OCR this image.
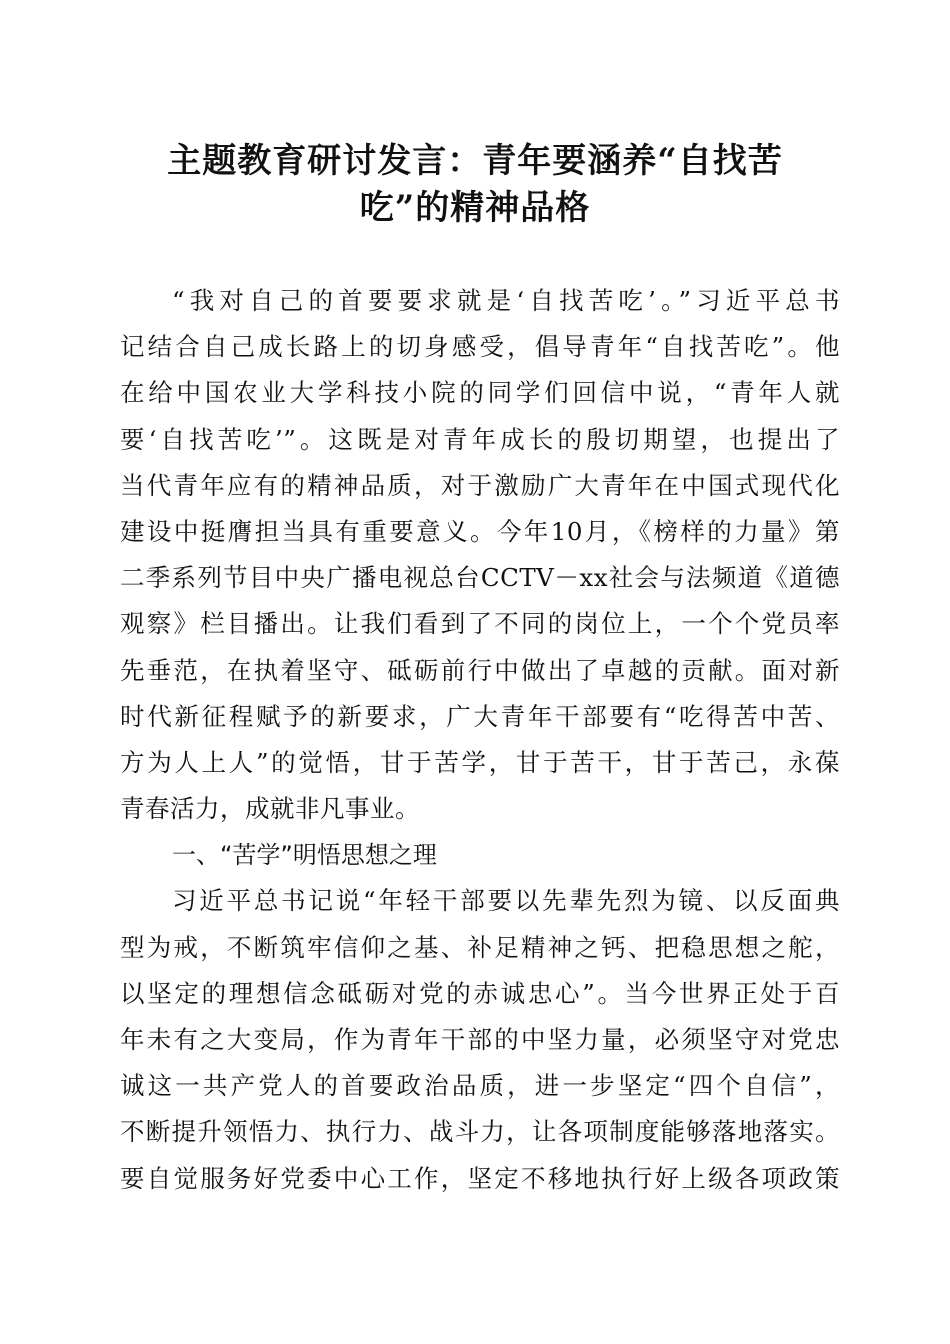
主题教育研讨发言：青年要涵养“自找苦
吃”的精神品格
“我对自己的首要要求就是‘自找苦吃’。”习近平总书
记结合自己成长路上的切身感受，倡导青年“自找苦吃”。他
在给中国农业大学科技小院的同学们回信中说，“青年人就
要‘自找苦吃’”。这既是对青年成长的殷切期望，也提出了
当代青年应有的精神品质，对于激励广大青年在中国式现代化
建设中挺膺担当具有重要意义。今年10月，《榜样的力量》第
二季系列节目中央广播电视总台CCTV－xx社会与法频道《道德
观察》栏目播出。让我们看到了不同的岗位上，一个个党员率
先垂范，在执着坚守、砥砺前行中做出了卓越的贡献。面对新
时代新征程赋予的新要求，广大青年干部要有“吃得苦中苦、
方为人上人”的觉悟，甘于苦学，甘于苦干，甘于苦己，永葆
青春活力，成就非凡事业。
一、“苦学”明悟思想之理
习近平总书记说“年轻干部要以先辈先烈为镜、以反面典
型为戒，不断筑牢信仰之基、补足精神之钙、把稳思想之舵，
以坚定的理想信念砥砺对党的赤诚忠心”。当今世界正处于百
年未有之大变局，作为青年干部的中坚力量，必须坚守对党忠
诚这一共产党人的首要政治品质，进一步坚定“四个自信”，
不断提升领悟力、执行力、战斗力，让各项制度能够落地落实。
要自觉服务好党委中心工作，坚定不移地执行好上级各项政策
